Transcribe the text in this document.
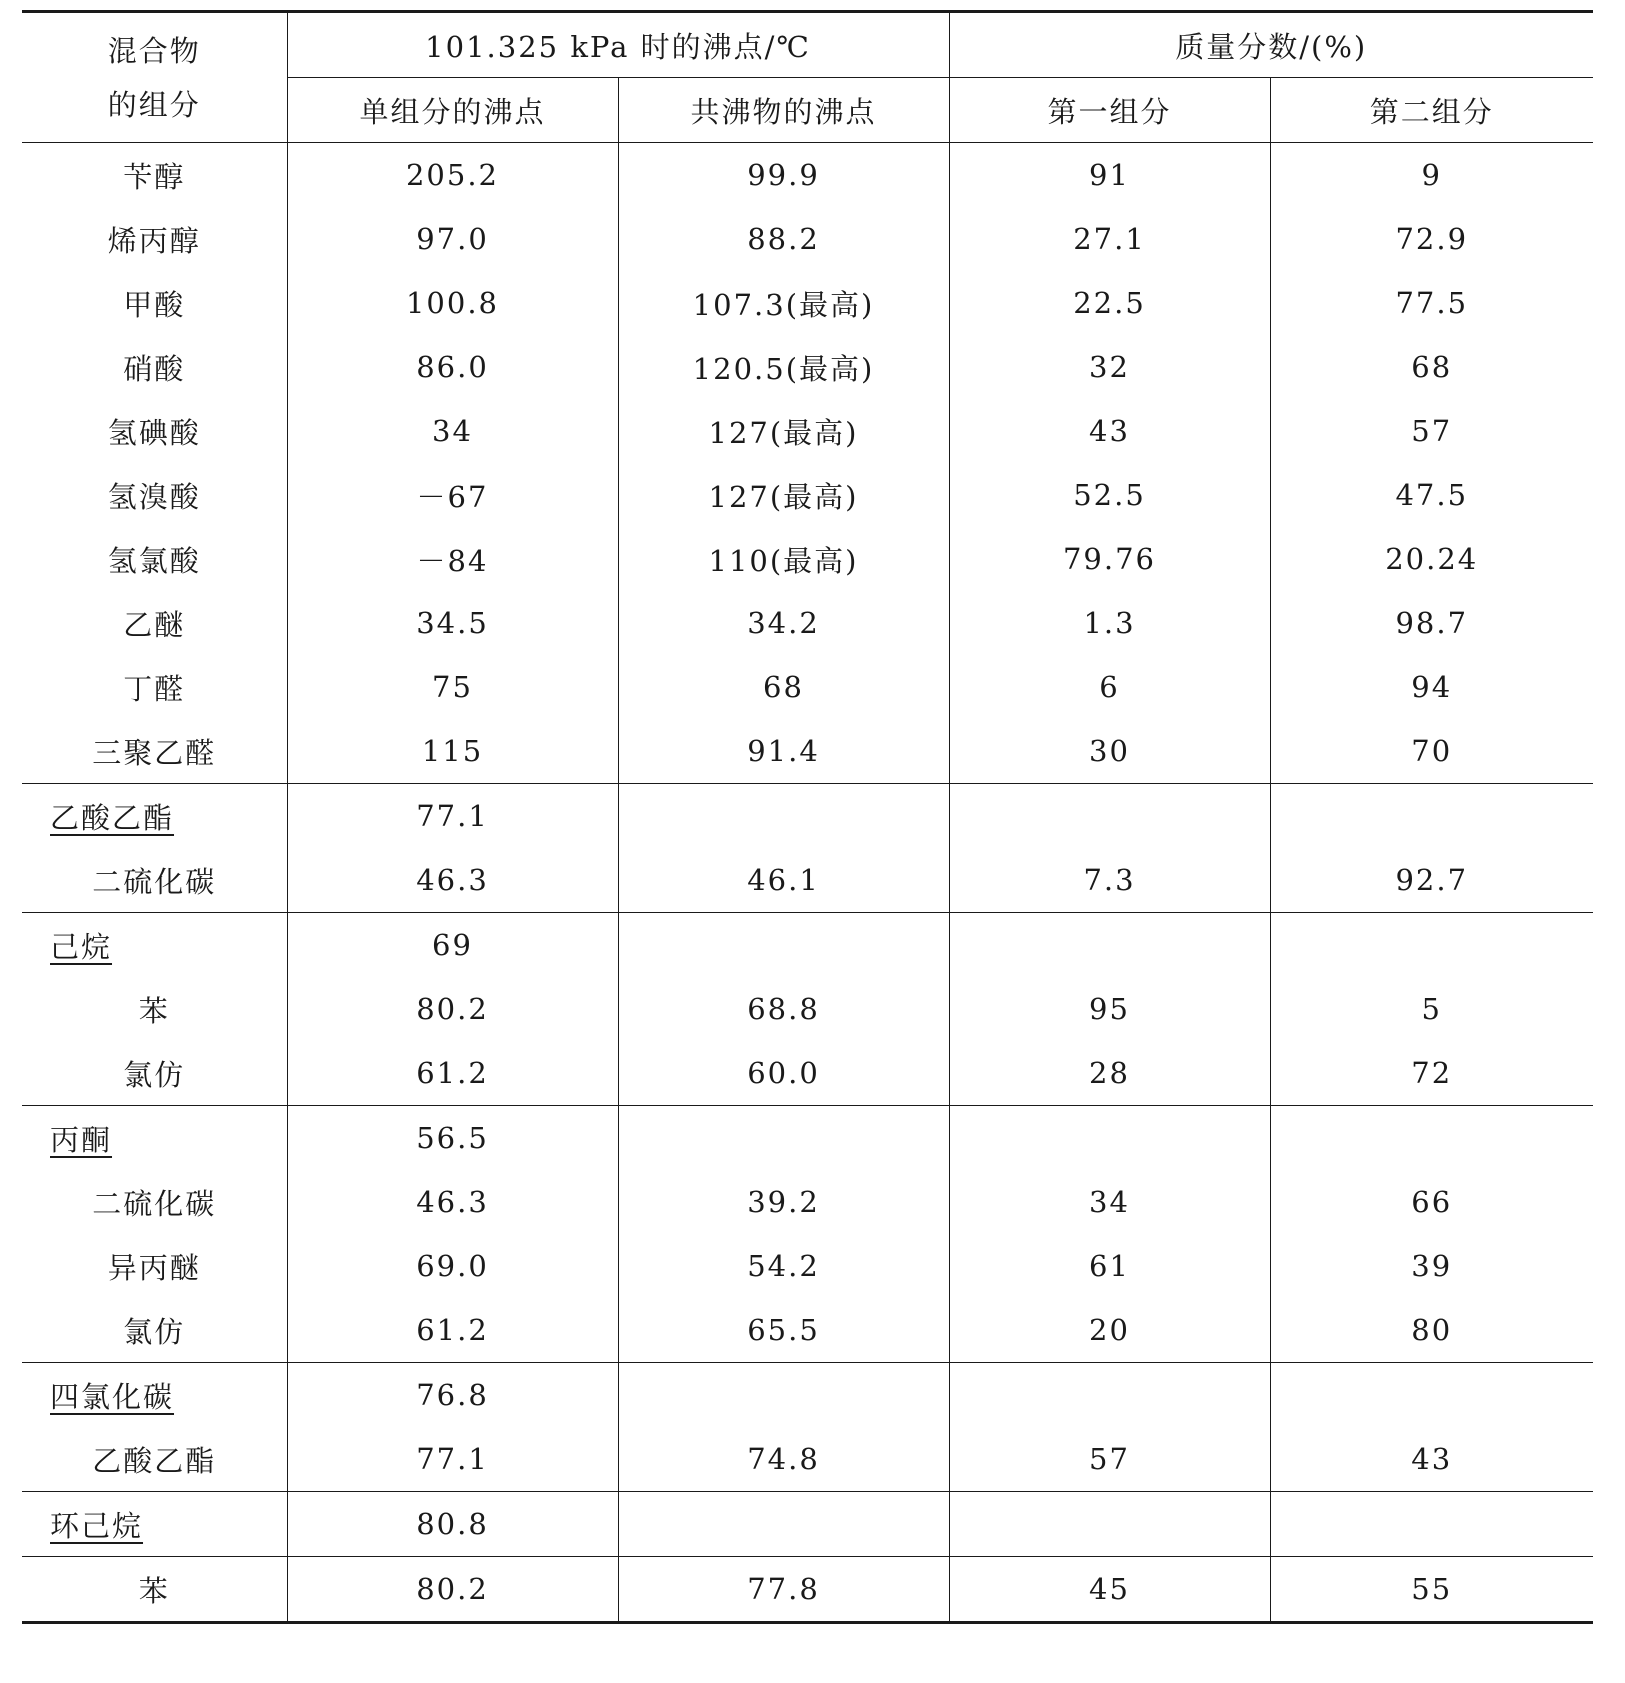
混合物
的组分	101.325 kPa 时的沸点/℃		质量分数/(%)	
	单组分的沸点	共沸物的沸点	第一组分	第二组分
苄醇	205.2	99.9	91	9
烯丙醇	97.0	88.2	27.1	72.9
甲酸	100.8	107.3(最高)	22.5	77.5
硝酸	86.0	120.5(最高)	32	68
氢碘酸	34	127(最高)	43	57
氢溴酸	－67	127(最高)	52.5	47.5
氢氯酸	－84	110(最高)	79.76	20.24
乙醚	34.5	34.2	1.3	98.7
丁醛	75	68	6	94
三聚乙醛	115	91.4	30	70
乙酸乙酯	77.1			
二硫化碳	46.3	46.1	7.3	92.7
己烷	69			
苯	80.2	68.8	95	5
氯仿	61.2	60.0	28	72
丙酮	56.5			
二硫化碳	46.3	39.2	34	66
异丙醚	69.0	54.2	61	39
氯仿	61.2	65.5	20	80
四氯化碳	76.8			
乙酸乙酯	77.1	74.8	57	43
环己烷	80.8			
苯	80.2	77.8	45	55
